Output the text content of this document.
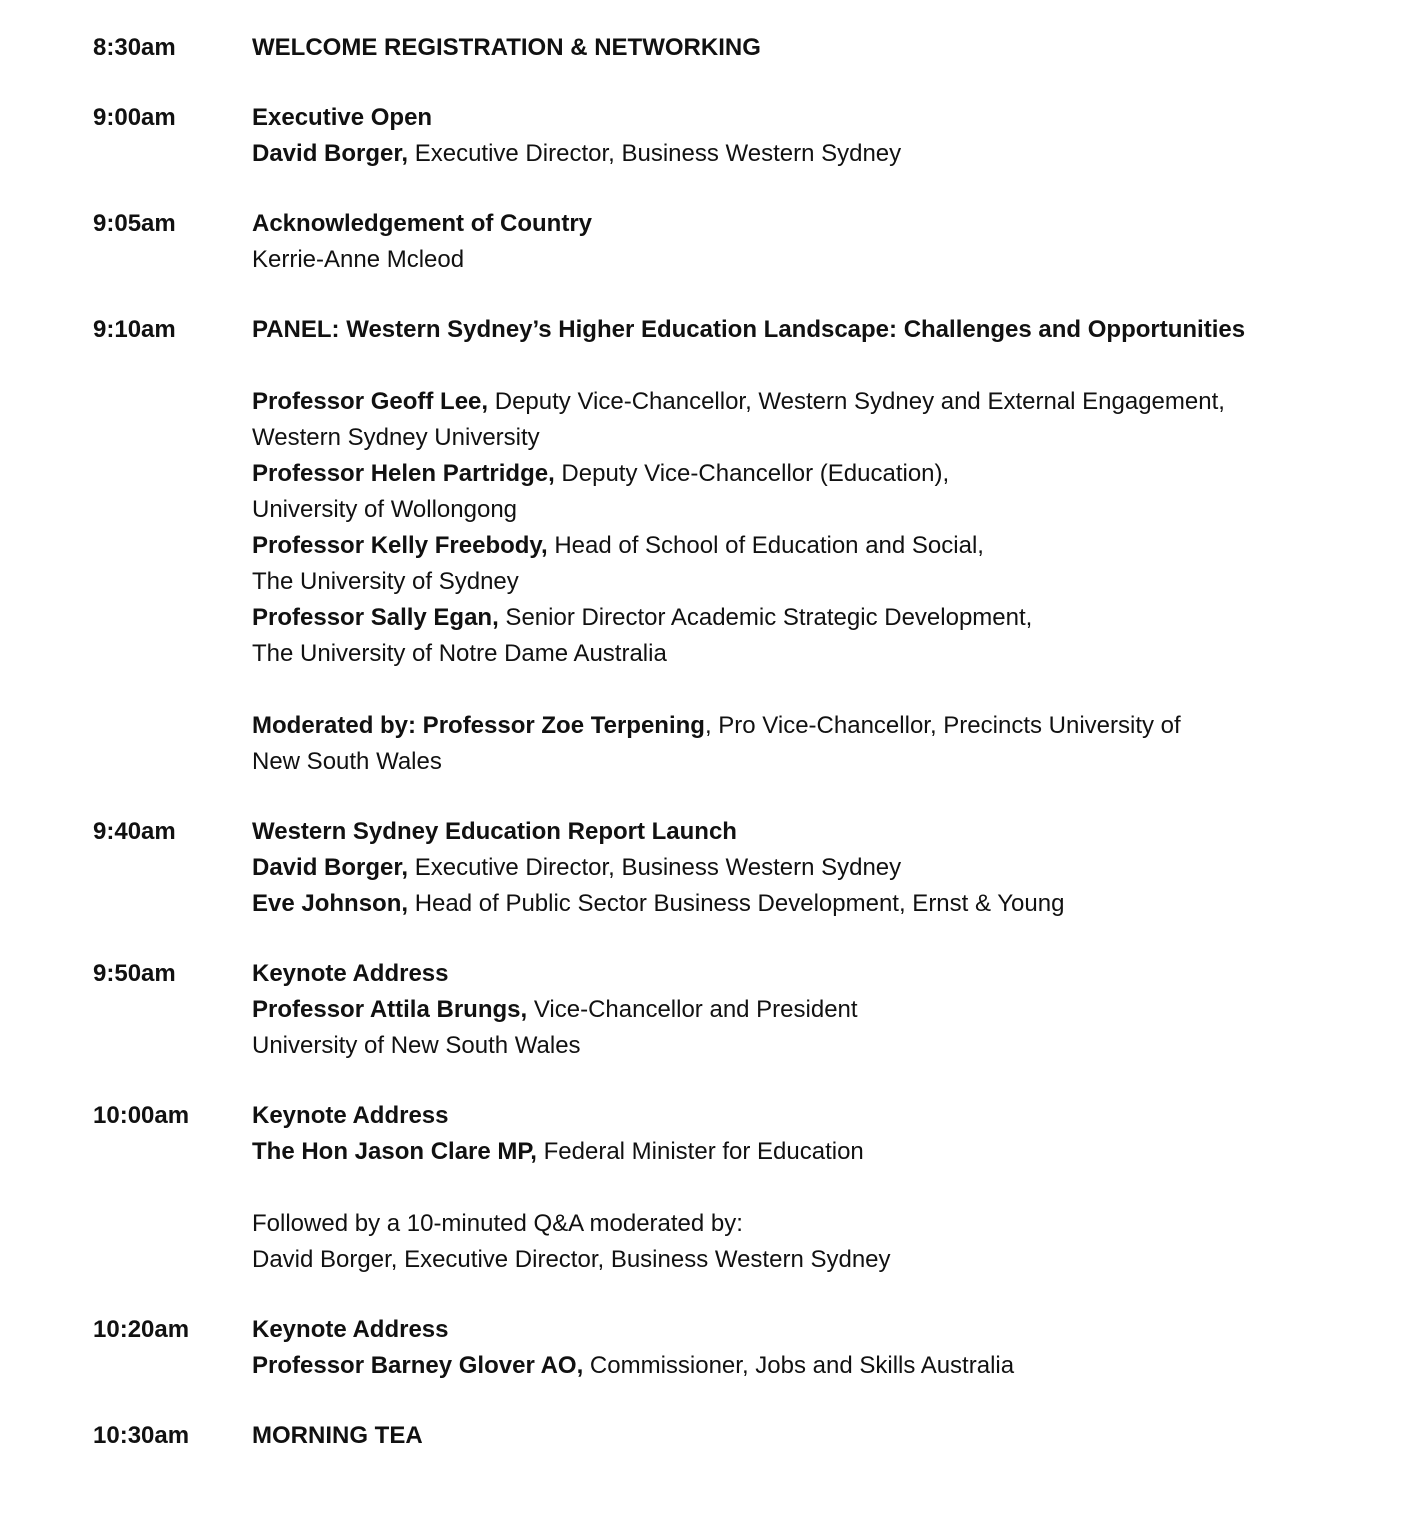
8:30am	WELCOME REGISTRATION & NETWORKING
9:00am	Executive Open
David Borger, Executive Director, Business Western Sydney
9:05am	Acknowledgement of Country
Kerrie-Anne Mcleod
9:10am	PANEL: Western Sydney’s Higher Education Landscape: Challenges and Opportunities
Professor Geoff Lee, Deputy Vice-Chancellor, Western Sydney and External Engagement,
Western Sydney University
Professor Helen Partridge, Deputy Vice-Chancellor (Education),
University of Wollongong
Professor Kelly Freebody, Head of School of Education and Social,
The University of Sydney
Professor Sally Egan, Senior Director Academic Strategic Development,
The University of Notre Dame Australia
Moderated by: Professor Zoe Terpening, Pro Vice-Chancellor, Precincts University of
New South Wales
9:40am	Western Sydney Education Report Launch
David Borger, Executive Director, Business Western Sydney
Eve Johnson, Head of Public Sector Business Development, Ernst & Young
9:50am	Keynote Address
Professor Attila Brungs, Vice-Chancellor and President
University of New South Wales
10:00am	Keynote Address
The Hon Jason Clare MP, Federal Minister for Education
Followed by a 10-minuted Q&A moderated by:
David Borger, Executive Director, Business Western Sydney
10:20am	Keynote Address
Professor Barney Glover AO, Commissioner, Jobs and Skills Australia
10:30am	MORNING TEA
